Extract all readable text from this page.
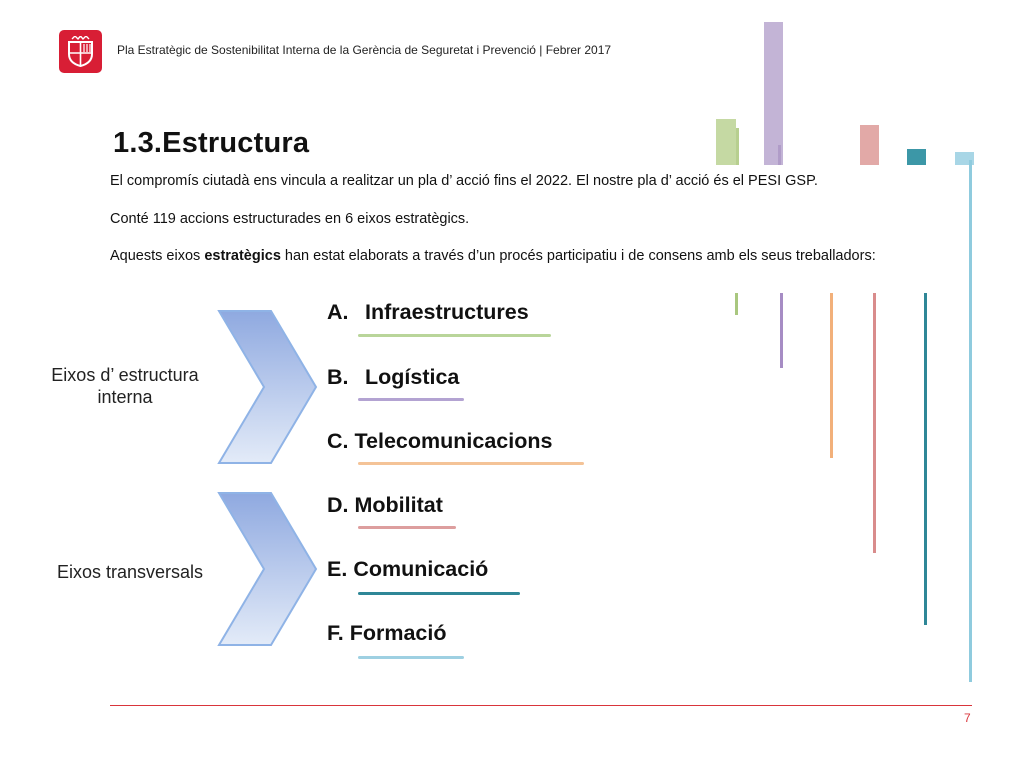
Pla Estratègic de Sostenibilitat Interna de la Gerència de Seguretat i Prevenció | Febrer 2017
1.3.Estructura
El compromís ciutadà ens vincula a realitzar un pla d’ acció fins el 2022. El nostre pla d’ acció és el PESI GSP.
Conté 119 accions estructurades en 6 eixos estratègics.
Aquests eixos estratègics han estat elaborats a través d’un procés participatiu i de consens amb els seus treballadors:
Eixos d’ estructura interna
Eixos transversals
A. Infraestructures
B. Logística
C. Telecomunicacions
D. Mobilitat
E. Comunicació
F. Formació
7
